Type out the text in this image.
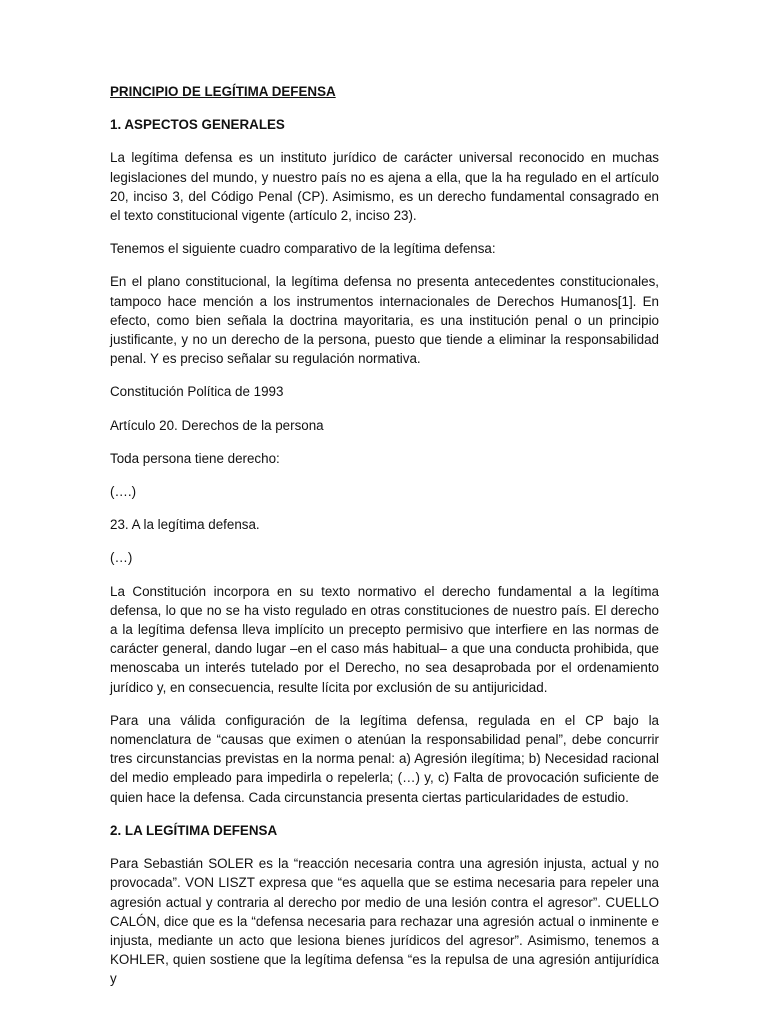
PRINCIPIO DE LEGÍTIMA DEFENSA
1. ASPECTOS GENERALES

La legítima defensa es un instituto jurídico de carácter universal reconocido en muchas legislaciones del mundo, y nuestro país no es ajena a ella, que la ha regulado en el artículo 20, inciso 3, del Código Penal (CP). Asimismo, es un derecho fundamental consagrado en el texto constitucional vigente (artículo 2, inciso 23).

Tenemos el siguiente cuadro comparativo de la legítima defensa:

En el plano constitucional, la legítima defensa no presenta antecedentes constitucionales, tampoco hace mención a los instrumentos internacionales de Derechos Humanos[1]. En efecto, como bien señala la doctrina mayoritaria, es una institución penal o un principio justificante, y no un derecho de la persona, puesto que tiende a eliminar la responsabilidad penal. Y es preciso señalar su regulación normativa.

Constitución Política de 1993

Artículo 20. Derechos de la persona

Toda persona tiene derecho:

(….)

23. A la legítima defensa.

(…)

La Constitución incorpora en su texto normativo el derecho fundamental a la legítima defensa, lo que no se ha visto regulado en otras constituciones de nuestro país. El derecho a la legítima defensa lleva implícito un precepto permisivo que interfiere en las normas de carácter general, dando lugar –en el caso más habitual– a que una conducta prohibida, que menoscaba un interés tutelado por el Derecho, no sea desaprobada por el ordenamiento jurídico y, en consecuencia, resulte lícita por exclusión de su antijuricidad.

Para una válida configuración de la legítima defensa, regulada en el CP bajo la nomenclatura de “causas que eximen o atenúan la responsabilidad penal”, debe concurrir tres circunstancias previstas en la norma penal: a) Agresión ilegítima; b) Necesidad racional del medio empleado para impedirla o repelerla; (…) y, c) Falta de provocación suficiente de quien hace la defensa. Cada circunstancia presenta ciertas particularidades de estudio.

2. LA LEGÍTIMA DEFENSA

Para Sebastián SOLER es la “reacción necesaria contra una agresión injusta, actual y no provocada”. VON LISZT expresa que “es aquella que se estima necesaria para repeler una agresión actual y contraria al derecho por medio de una lesión contra el agresor”. CUELLO CALÓN, dice que es la “defensa necesaria para rechazar una agresión actual o inminente e injusta, mediante un acto que lesiona bienes jurídicos del agresor”. Asimismo, tenemos a KOHLER, quien sostiene que la legítima defensa “es la repulsa de una agresión antijurídica y
